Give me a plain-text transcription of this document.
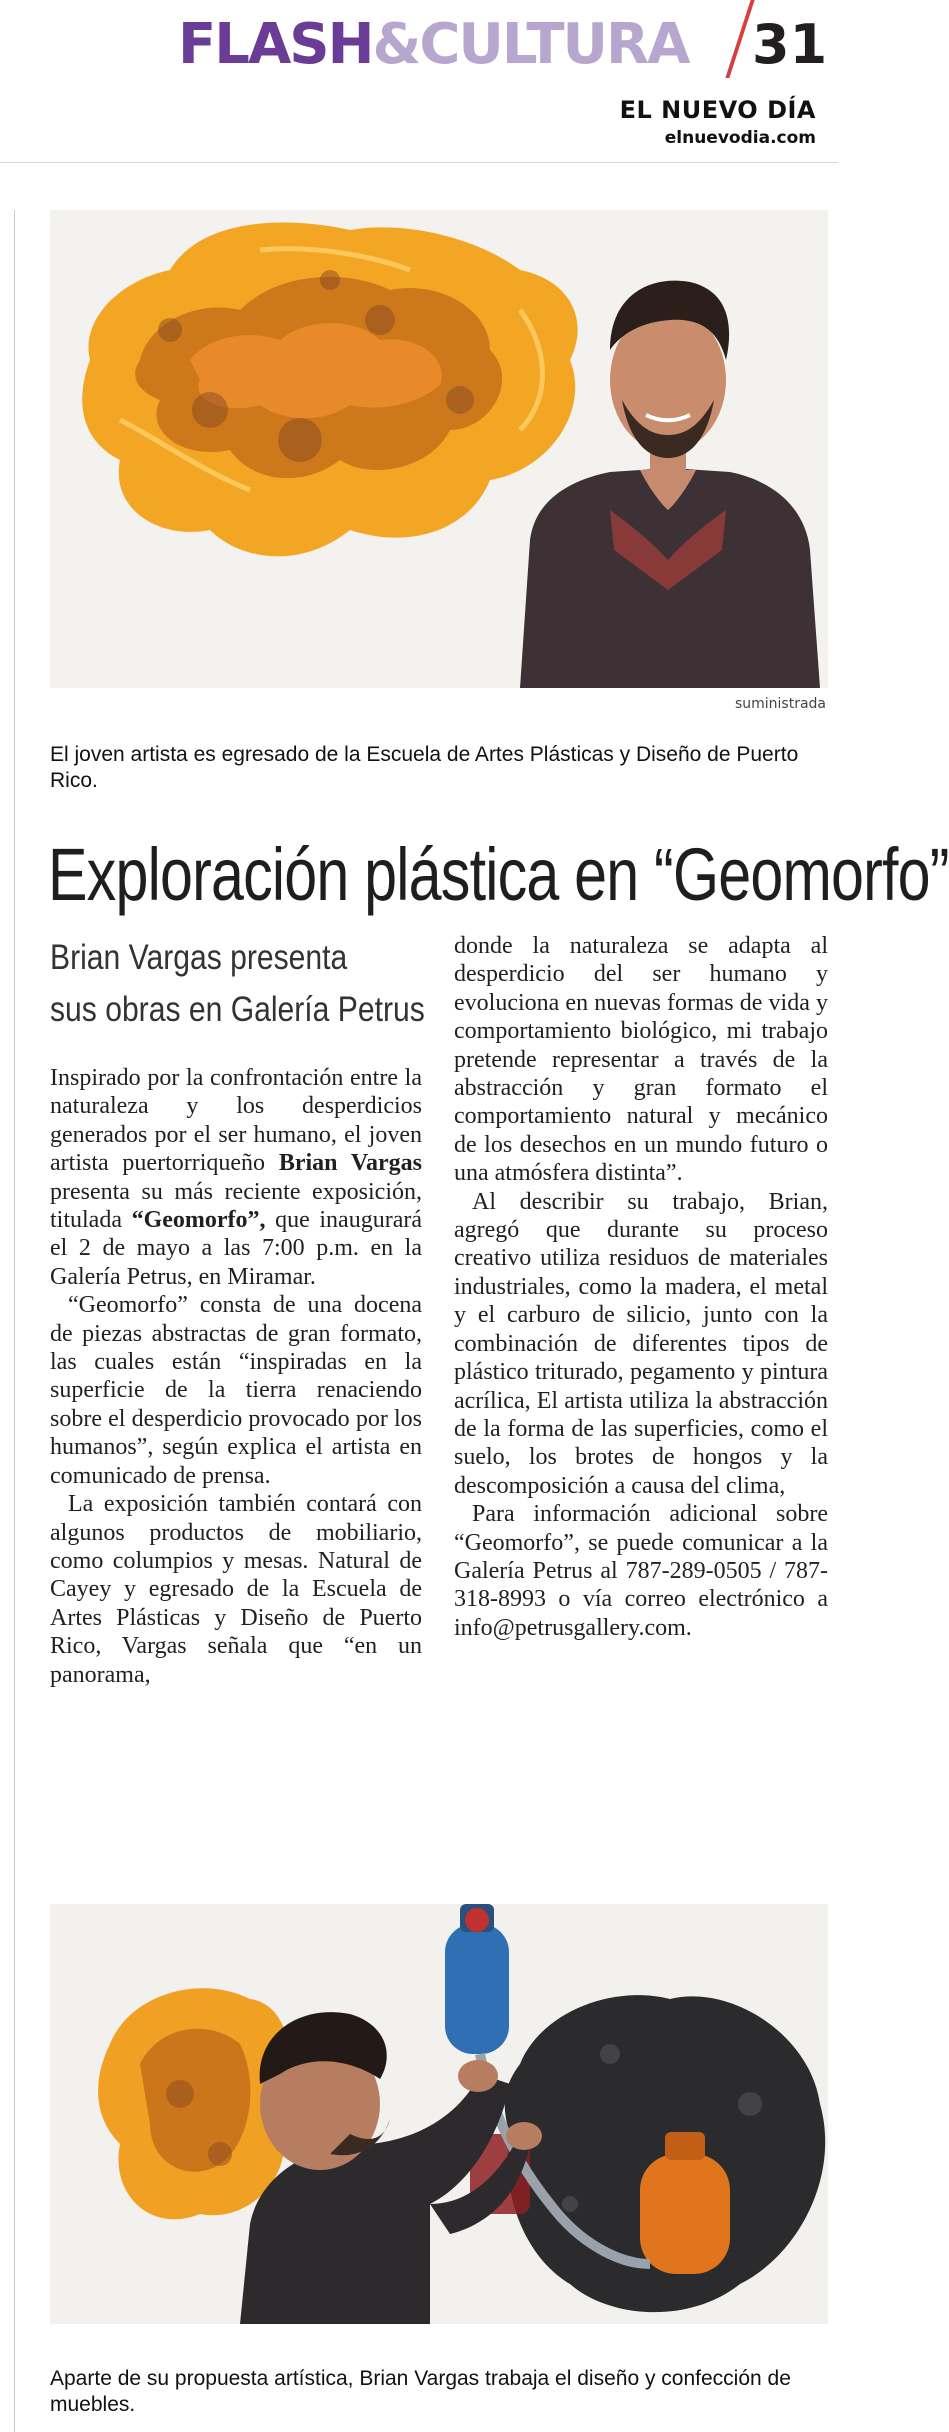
FLASH&CULTURA	31
EL NUEVO DÍA
elnuevodia.com
suministrada
El joven artista es egresado de la Escuela de Artes Plásticas y Diseño de Puerto Rico.
Exploración plástica en “Geomorfo”
Brian Vargas presenta
sus obras en Galería Petrus

Inspirado por la confrontación entre la naturaleza y los desperdicios generados por el ser humano, el joven artista puertorriqueño Brian Vargas presenta su más reciente exposición, titulada “Geomorfo”, que inaugurará el 2 de mayo a las 7:00 p.m. en la Galería Petrus, en Miramar.

“Geomorfo” consta de una docena de piezas abstractas de gran formato, las cuales están “inspiradas en la superficie de la tierra renaciendo sobre el desperdicio provocado por los humanos”, según explica el artista en comunicado de prensa.

La exposición también contará con algunos productos de mobiliario, como columpios y mesas. Natural de Cayey y egresado de la Escuela de Artes Plásticas y Diseño de Puerto Rico, Vargas señala que “en un panorama,

donde la naturaleza se adapta al desperdicio del ser humano y evoluciona en nuevas formas de vida y comportamiento biológico, mi trabajo pretende representar a través de la abstracción y gran formato el comportamiento natural y mecánico de los desechos en un mundo futuro o una atmósfera distinta”.

Al describir su trabajo, Brian, agregó que durante su proceso creativo utiliza residuos de materiales industriales, como la madera, el metal y el carburo de silicio, junto con la combinación de diferentes tipos de plástico triturado, pegamento y pintura acrílica, El artista utiliza la abstracción de la forma de las superficies, como el suelo, los brotes de hongos y la descomposición a causa del clima,

Para información adicional sobre “Geomorfo”, se puede comunicar a la Galería Petrus al 787-289-0505 / 787-318-8993 o vía correo electrónico a info@petrusgallery.com.

Aparte de su propuesta artística, Brian Vargas trabaja el diseño y confección de muebles.
